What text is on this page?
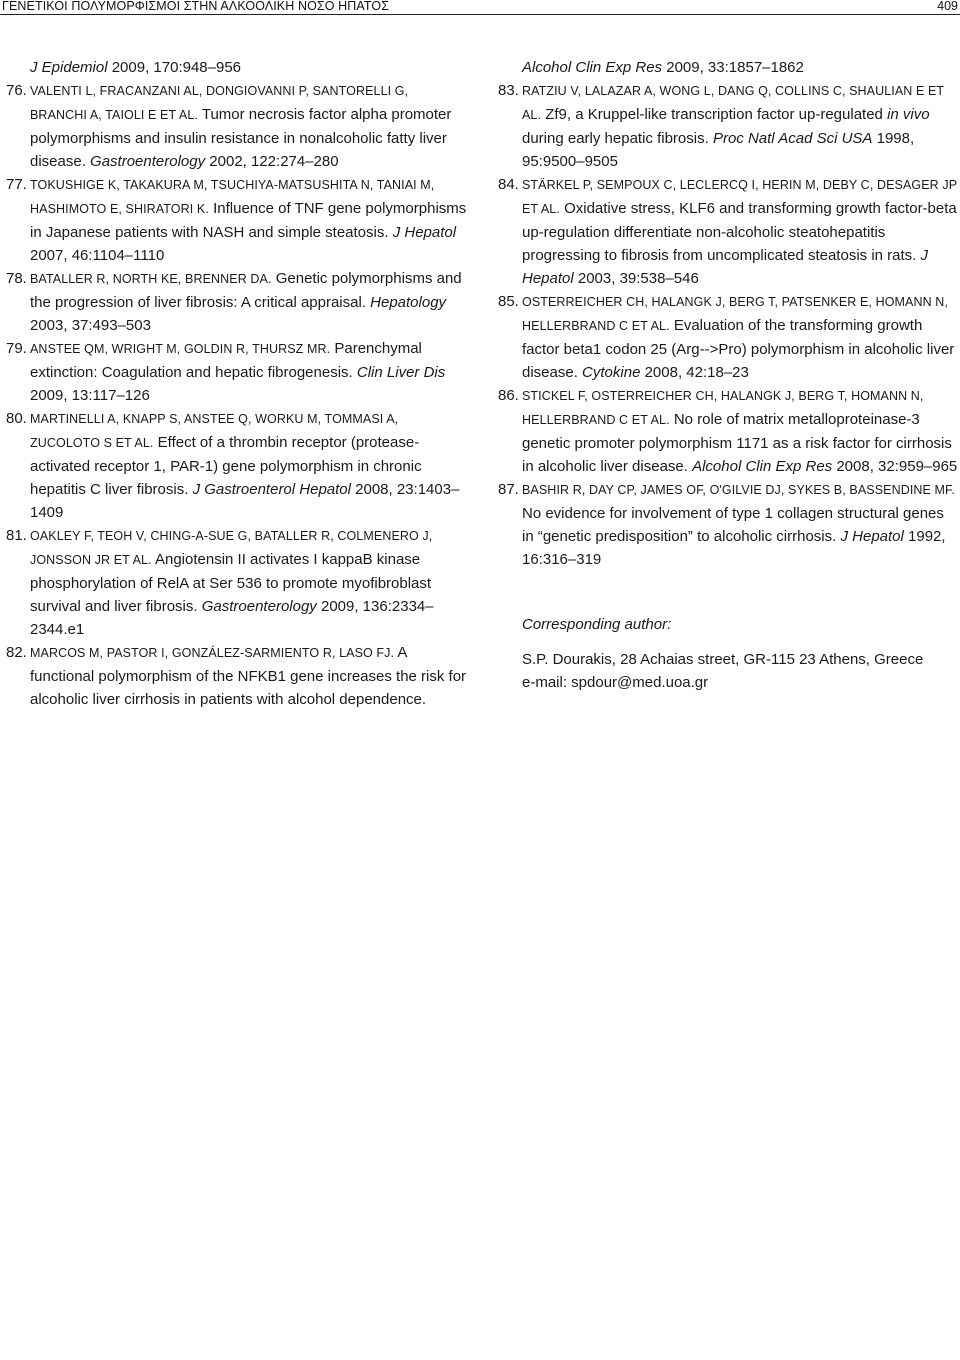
ΓΕΝΕΤΙΚΟΙ ΠΟΛΥΜΟΡΦΙΣΜΟΙ ΣΤΗΝ ΑΛΚΟΟΛΙΚΗ ΝΟΣΟ ΗΠΑΤΟΣ	409

J Epidemiol 2009, 170:948–956

76. VALENTI L, FRACANZANI AL, DONGIOVANNI P, SANTORELLI G, BRANCHI A, TAIOLI E ET AL. Tumor necrosis factor alpha promoter polymorphisms and insulin resistance in nonalcoholic fatty liver disease. Gastroenterology 2002, 122:274–280

77. TOKUSHIGE K, TAKAKURA M, TSUCHIYA-MATSUSHITA N, TANIAI M, HASHIMOTO E, SHIRATORI K. Influence of TNF gene polymorphisms in Japanese patients with NASH and simple steatosis. J Hepatol 2007, 46:1104–1110

78. BATALLER R, NORTH KE, BRENNER DA. Genetic polymorphisms and the progression of liver fibrosis: A critical appraisal. Hepatology 2003, 37:493–503

79. ANSTEE QM, WRIGHT M, GOLDIN R, THURSZ MR. Parenchymal extinction: Coagulation and hepatic fibrogenesis. Clin Liver Dis 2009, 13:117–126

80. MARTINELLI A, KNAPP S, ANSTEE Q, WORKU M, TOMMASI A, ZUCOLOTO S ET AL. Effect of a thrombin receptor (protease-activated receptor 1, PAR-1) gene polymorphism in chronic hepatitis C liver fibrosis. J Gastroenterol Hepatol 2008, 23:1403–1409

81. OAKLEY F, TEOH V, CHING-A-SUE G, BATALLER R, COLMENERO J, JONSSON JR ET AL. Angiotensin II activates I kappaB kinase phosphorylation of RelA at Ser 536 to promote myofibroblast survival and liver fibrosis. Gastroenterology 2009, 136:2334–2344.e1

82. MARCOS M, PASTOR I, GONZÁLEZ-SARMIENTO R, LASO FJ. A functional polymorphism of the NFKB1 gene increases the risk for alcoholic liver cirrhosis in patients with alcohol dependence.

Alcohol Clin Exp Res 2009, 33:1857–1862

83. RATZIU V, LALAZAR A, WONG L, DANG Q, COLLINS C, SHAULIAN E ET AL. Zf9, a Kruppel-like transcription factor up-regulated in vivo during early hepatic fibrosis. Proc Natl Acad Sci USA 1998, 95:9500–9505

84. STÄRKEL P, SEMPOUX C, LECLERCQ I, HERIN M, DEBY C, DESAGER JP ET AL. Oxidative stress, KLF6 and transforming growth factor-beta up-regulation differentiate non-alcoholic steatohepatitis progressing to fibrosis from uncomplicated steatosis in rats. J Hepatol 2003, 39:538–546

85. OSTERREICHER CH, HALANGK J, BERG T, PATSENKER E, HOMANN N, HELLERBRAND C ET AL. Evaluation of the transforming growth factor beta1 codon 25 (Arg-->Pro) polymorphism in alcoholic liver disease. Cytokine 2008, 42:18–23

86. STICKEL F, OSTERREICHER CH, HALANGK J, BERG T, HOMANN N, HELLERBRAND C ET AL. No role of matrix metalloproteinase-3 genetic promoter polymorphism 1171 as a risk factor for cirrhosis in alcoholic liver disease. Alcohol Clin Exp Res 2008, 32:959–965

87. BASHIR R, DAY CP, JAMES OF, O'GILVIE DJ, SYKES B, BASSENDINE MF. No evidence for involvement of type 1 collagen structural genes in “genetic predisposition” to alcoholic cirrhosis. J Hepatol 1992, 16:316–319

Corresponding author:
S.P. Dourakis, 28 Achaias street, GR-115 23 Athens, Greece
e-mail: spdour@med.uoa.gr
